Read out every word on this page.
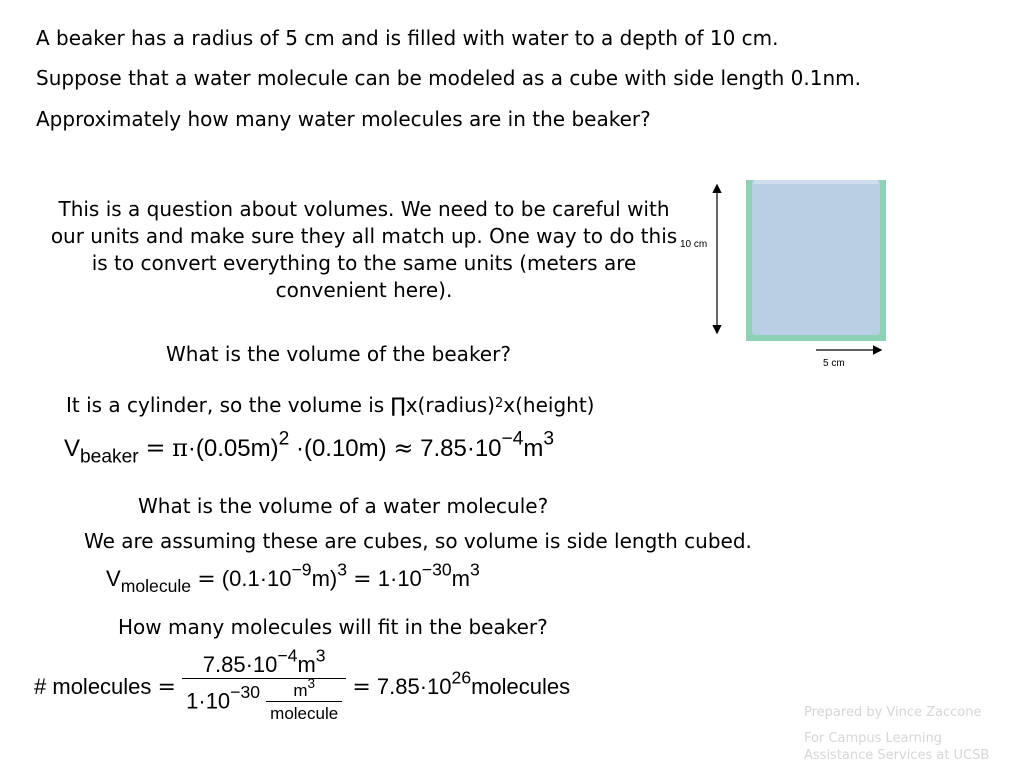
A beaker has a radius of 5 cm and is filled with water to a depth of 10 cm.
Suppose that a water molecule can be modeled as a cube with side length 0.1nm.
Approximately how many water molecules are in the beaker?
This is a question about volumes. We need to be careful with our units and make sure they all match up. One way to do this is to convert everything to the same units (meters are convenient here).
10 cm
5 cm
What is the volume of the beaker?
It is a cylinder, so the volume is ∏x(radius)$^2$x(height)
$V_{beaker} = \pi\cdot(0.05m)^2 \cdot(0.10m) \approx 7.85\cdot 10^{-4}m^3$
What is the volume of a water molecule?
We are assuming these are cubes, so volume is side length cubed.
$V_{molecule} = (0.1\cdot 10^{-9}m)^3 = 1\cdot 10^{-30}m^3$
How many molecules will fit in the beaker?
# molecules = $\frac{7.85\cdot 10^{-4}m^3}{1\cdot 10^{-30} \frac{m^3}{\text{molecule}}}$ = $7.85\cdot 10^{26}molecules$
Prepared by Vince Zaccone
For Campus Learning
Assistance Services at UCSB
